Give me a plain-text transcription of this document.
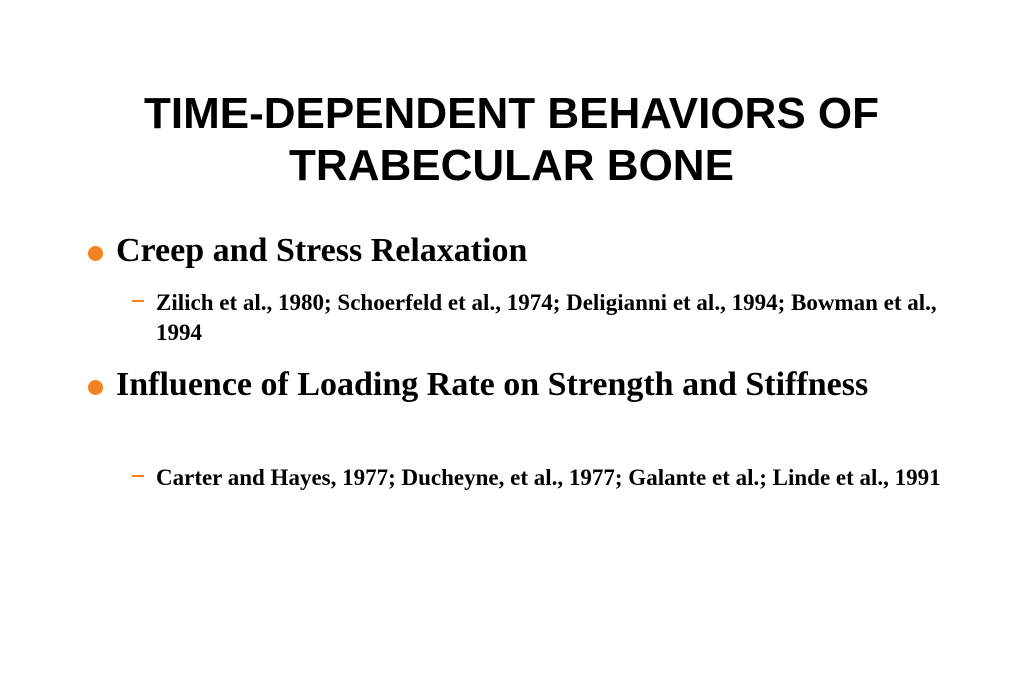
TIME-DEPENDENT BEHAVIORS OF
TRABECULAR BONE
Creep and Stress Relaxation
Zilich et al., 1980; Schoerfeld et al., 1974; Deligianni et al., 1994; Bowman et al., 1994
Influence of Loading Rate on Strength and Stiffness
Carter and Hayes, 1977; Ducheyne, et al., 1977; Galante et al.; Linde et al., 1991
